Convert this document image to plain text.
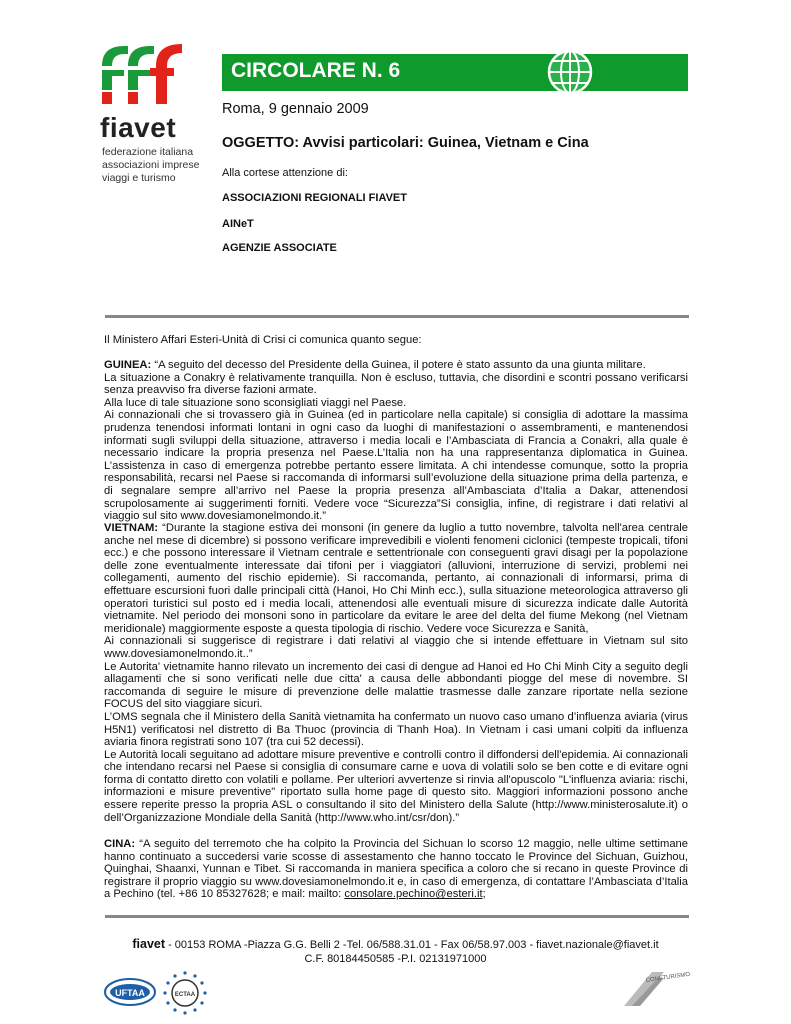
fiavet
federazione italiana
associazioni imprese
viaggi e turismo
CIRCOLARE N. 6
Roma, 9 gennaio 2009
OGGETTO: Avvisi particolari: Guinea, Vietnam e Cina
Alla cortese attenzione di:
ASSOCIAZIONI REGIONALI FIAVET
AINeT
AGENZIE ASSOCIATE
Il Ministero Affari Esteri-Unità di Crisi ci comunica quanto segue:
GUINEA: “A seguito del decesso del Presidente della Guinea, il potere è stato assunto da una giunta militare.
La situazione a Conakry è relativamente tranquilla. Non è escluso, tuttavia, che disordini e scontri possano verificarsi senza preavviso fra diverse fazioni armate.
Alla luce di tale situazione sono sconsigliati viaggi nel Paese.
Ai connazionali che si trovassero già in Guinea (ed in particolare nella capitale) si consiglia di adottare la massima prudenza tenendosi informati lontani in ogni caso da luoghi di manifestazioni o assembramenti, e mantenendosi informati sugli sviluppi della situazione, attraverso i media locali e l’Ambasciata di Francia a Conakri, alla quale è necessario indicare la propria presenza nel Paese.L’Italia non ha una rappresentanza diplomatica in Guinea. L’assistenza in caso di emergenza potrebbe pertanto essere limitata. A chi intendesse comunque, sotto la propria responsabilità, recarsi nel Paese si raccomanda di informarsi sull’evoluzione della situazione prima della partenza, e di segnalare sempre all’arrivo nel Paese la propria presenza all’Ambasciata d’Italia a Dakar, attenendosi scrupolosamente ai suggerimenti forniti. Vedere voce “Sicurezza”Si consiglia, infine, di registrare i dati relativi al viaggio sul sito www.dovesiamonelmondo.it.”
VIETNAM: “Durante la stagione estiva dei monsoni (in genere da luglio a tutto novembre, talvolta nell'area centrale anche nel mese di dicembre) si possono verificare imprevedibili e violenti fenomeni ciclonici (tempeste tropicali, tifoni ecc.) e che possono interessare il Vietnam centrale e settentrionale con conseguenti gravi disagi per la popolazione delle zone eventualmente interessate dai tifoni per i viaggiatori (alluvioni, interruzione di servizi, problemi nei collegamenti, aumento del rischio epidemie). Si raccomanda, pertanto, ai connazionali di informarsi, prima di effettuare escursioni fuori dalle principali città (Hanoi, Ho Chi Minh ecc.), sulla situazione meteorologica attraverso gli operatori turistici sul posto ed i media locali, attenendosi alle eventuali misure di sicurezza indicate dalle Autorità vietnamite. Nel periodo dei monsoni sono in particolare da evitare le aree del delta del fiume Mekong (nel Vietnam meridionale) maggiormente esposte a questa tipologia di rischio. Vedere voce Sicurezza e Sanità,
Ai connazionali si suggerisce di registrare i dati relativi al viaggio che si intende effettuare in Vietnam sul sito www.dovesiamonelmondo.it..”
Le Autorita' vietnamite hanno rilevato un incremento dei casi di dengue ad Hanoi ed Ho Chi Minh City a seguito degli allagamenti che si sono verificati nelle due citta' a causa delle abbondanti piogge del mese di novembre. SI raccomanda di seguire le misure di prevenzione delle malattie trasmesse dalle zanzare riportate nella sezione FOCUS del sito viaggiare sicuri.
L’OMS segnala che il Ministero della Sanità vietnamita ha confermato un nuovo caso umano d’influenza aviaria (virus H5N1) verificatosi nel distretto di Ba Thuoc (provincia di Thanh Hoa). In Vietnam i casi umani colpiti da influenza aviaria finora registrati sono 107 (tra cui 52 decessi).
Le Autorità locali seguitano ad adottare misure preventive e controlli contro il diffondersi dell'epidemia. Ai connazionali che intendano recarsi nel Paese si consiglia di consumare carne e uova di volatili solo se ben cotte e di evitare ogni forma di contatto diretto con volatili e pollame. Per ulteriori avvertenze si rinvia all'opuscolo "L'influenza aviaria: rischi, informazioni e misure preventive" riportato sulla home page di questo sito. Maggiori informazioni possono anche essere reperite presso la propria ASL o consultando il sito del Ministero della Salute (http://www.ministerosalute.it) o dell’Organizzazione Mondiale della Sanità (http://www.who.int/csr/don).”
CINA: “A seguito del terremoto che ha colpito la Provincia del Sichuan lo scorso 12 maggio, nelle ultime settimane hanno continuato a succedersi varie scosse di assestamento che hanno toccato le Province del Sichuan, Guizhou, Quinghai, Shaanxi, Yunnan e Tibet. Si raccomanda in maniera specifica a coloro che si recano in queste Province di registrare il proprio viaggio su www.dovesiamonelmondo.it e, in caso di emergenza, di contattare l’Ambasciata d’Italia a Pechino (tel. +86 10 85327628; e mail: mailto: consolare.pechino@esteri.it;
fiavet - 00153 ROMA -Piazza G.G. Belli 2 -Tel. 06/588.31.01 - Fax 06/58.97.003 - fiavet.nazionale@fiavet.it
C.F. 80184450585 -P.I. 02131971000
UFTAA	ECTAA
CONFTURISMO
